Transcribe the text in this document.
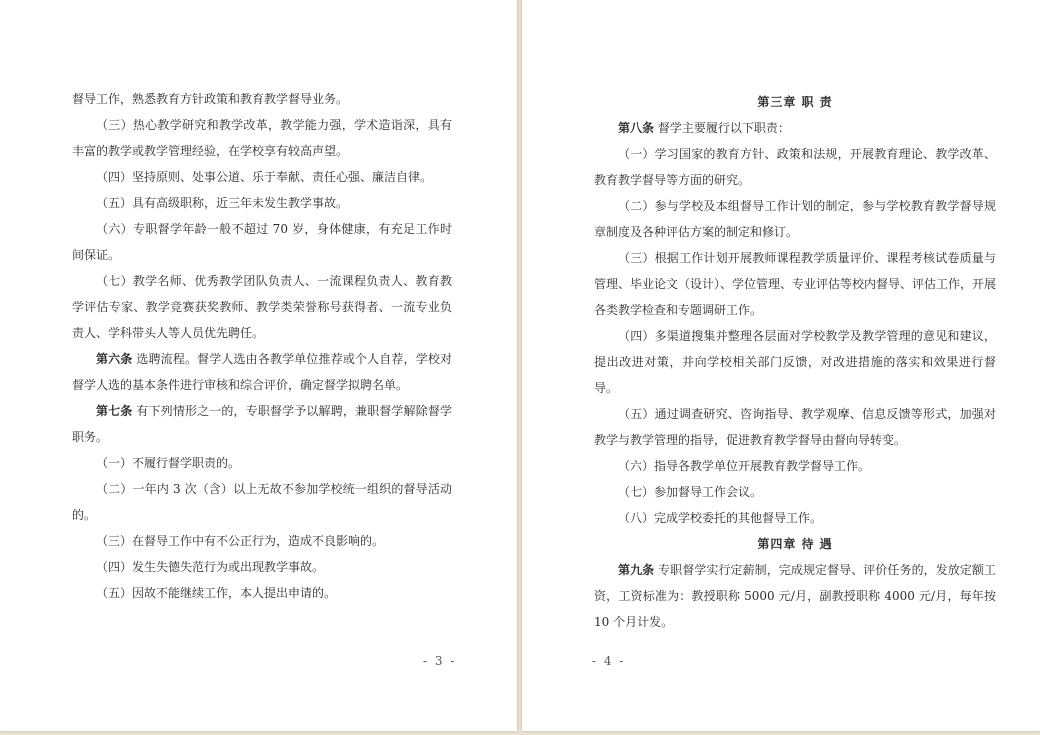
督导工作，熟悉教育方针政策和教育教学督导业务。

（三）热心教学研究和教学改革，教学能力强，学术造诣深，具有丰富的教学或教学管理经验，在学校享有较高声望。

（四）坚持原则、处事公道、乐于奉献、责任心强、廉洁自律。

（五）具有高级职称，近三年未发生教学事故。

（六）专职督学年龄一般不超过 70 岁，身体健康，有充足工作时间保证。

（七）教学名师、优秀教学团队负责人、一流课程负责人、教育教学评估专家、教学竞赛获奖教师、教学类荣誉称号获得者、一流专业负责人、学科带头人等人员优先聘任。

第六条 选聘流程。督学人选由各教学单位推荐或个人自荐，学校对督学人选的基本条件进行审核和综合评价，确定督学拟聘名单。

第七条 有下列情形之一的，专职督学予以解聘，兼职督学解除督学职务。

（一）不履行督学职责的。

（二）一年内 3 次（含）以上无故不参加学校统一组织的督导活动的。

（三）在督导工作中有不公正行为，造成不良影响的。

（四）发生失德失范行为或出现教学事故。

（五）因故不能继续工作，本人提出申请的。

- 3 -

第三章 职 责

第八条 督学主要履行以下职责：

（一）学习国家的教育方针、政策和法规，开展教育理论、教学改革、教育教学督导等方面的研究。

（二）参与学校及本组督导工作计划的制定，参与学校教育教学督导规章制度及各种评估方案的制定和修订。

（三）根据工作计划开展教师课程教学质量评价、课程考核试卷质量与管理、毕业论文（设计）、学位管理、专业评估等校内督导、评估工作，开展各类教学检查和专题调研工作。

（四）多渠道搜集并整理各层面对学校教学及教学管理的意见和建议，提出改进对策，并向学校相关部门反馈，对改进措施的落实和效果进行督导。

（五）通过调查研究、咨询指导、教学观摩、信息反馈等形式，加强对教学与教学管理的指导，促进教育教学督导由督向导转变。

（六）指导各教学单位开展教育教学督导工作。

（七）参加督导工作会议。

（八）完成学校委托的其他督导工作。

第四章 待 遇

第九条 专职督学实行定薪制，完成规定督导、评价任务的，发放定额工资，工资标准为：教授职称 5000 元/月，副教授职称 4000 元/月，每年按 10 个月计发。

- 4 -
